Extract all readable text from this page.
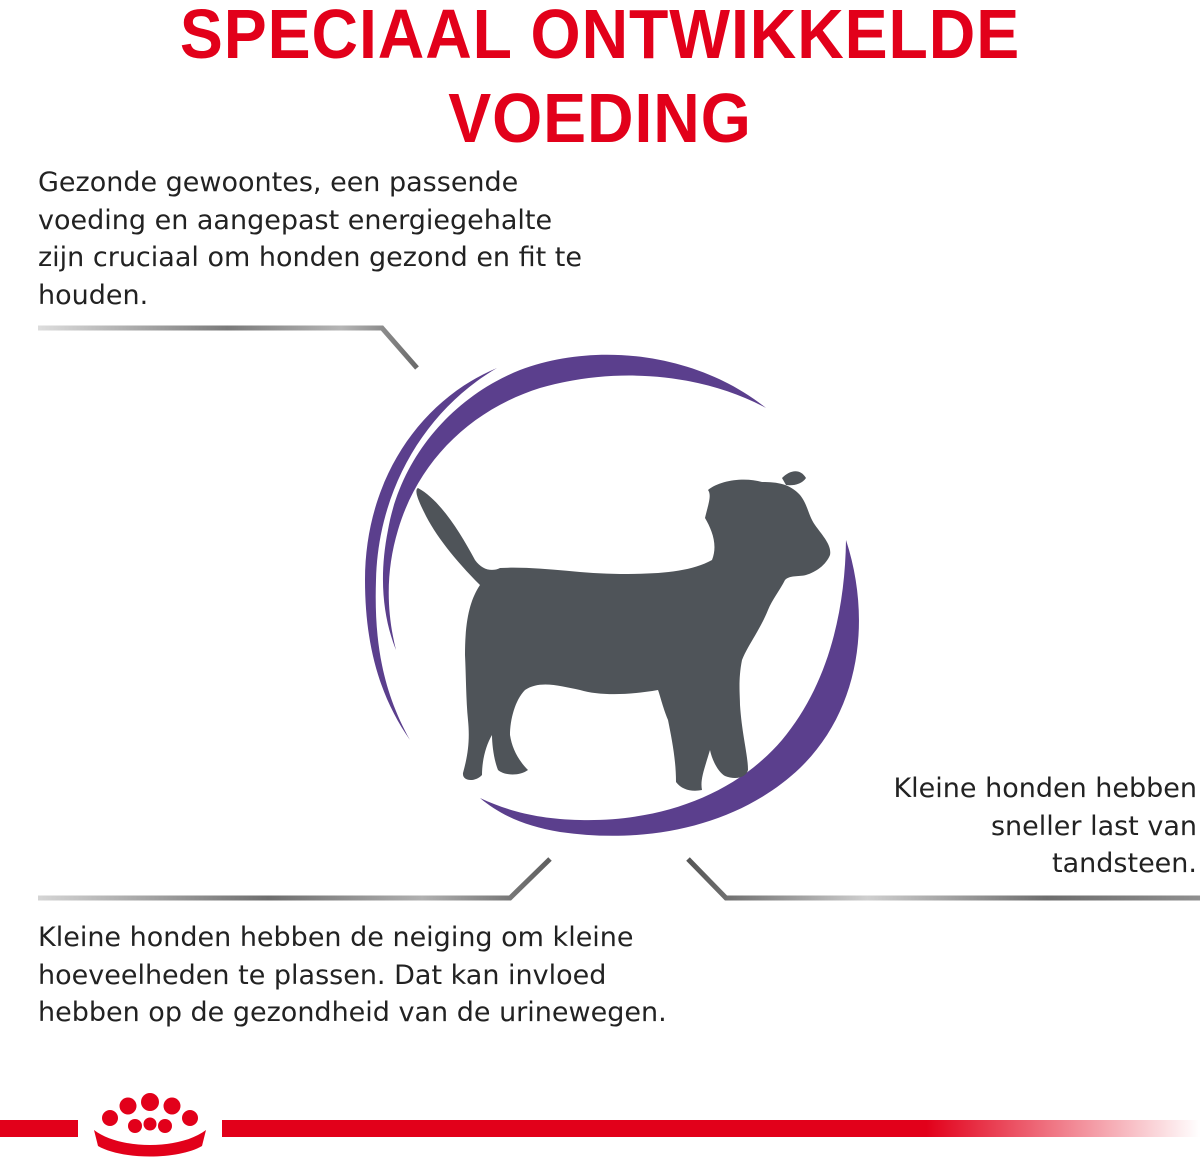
SPECIAAL ONTWIKKELDE
VOEDING

Gezonde gewoontes, een passende
voeding en aangepast energiegehalte
zijn cruciaal om honden gezond en fit te
houden.

Kleine honden hebben
sneller last van
tandsteen.

Kleine honden hebben de neiging om kleine
hoeveelheden te plassen. Dat kan invloed
hebben op de gezondheid van de urinewegen.
